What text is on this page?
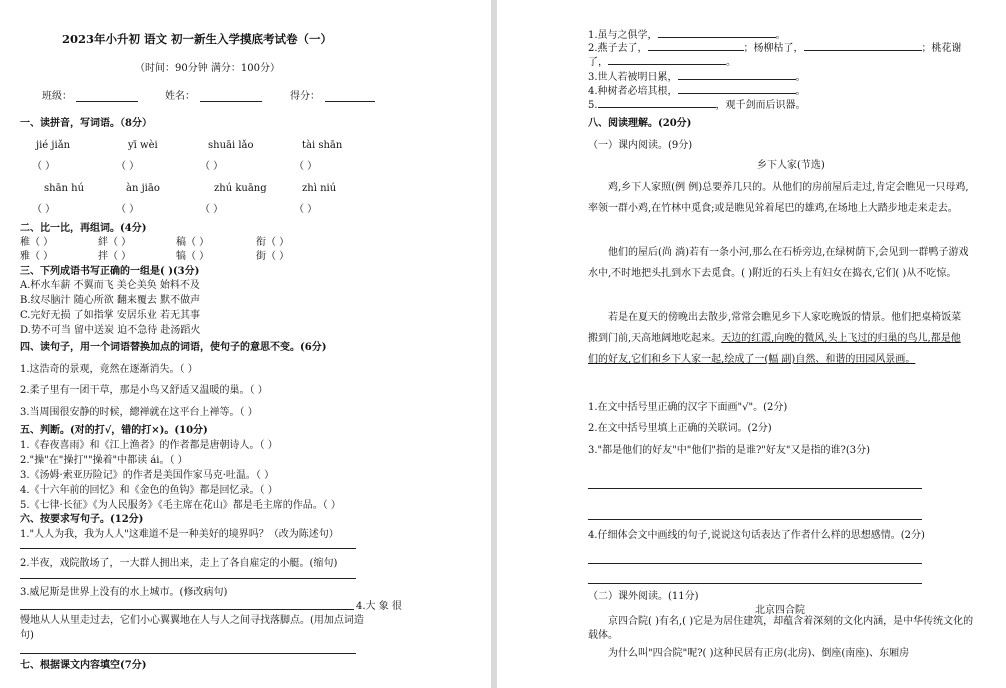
2023年小升初 语文 初一新生入学摸底考试卷（一）
（时间：90分钟 满分：100分）
班级：	姓名：	得分：
一、读拼音，写词语。（8分）
jié jiǎn	yī wèi	shuāi lǎo	tài shān
（ ）	（ ）	（ ）	（ ）
shān hú	àn jiāo	zhú kuāng	zhì niú
（ ）	（ ）	（ ）	（ ）
二、比一比，再组词。(4分)
稚（ ）	絆（ ）	稿（ ）	衔（ ）
雅（ ）	拌（ ）	犒（ ）	街（ ）
三、下列成语书写正确的一组是( )(3分)
A.杯水车薪 不翼而飞 美仑美奂 始料不及
B.纹尽脑汁 随心所欲 翻来覆去 默不做声
C.完好无损 了如指掌 安居乐业 若无其事
D.势不可当 留中送炭 迫不急待 赴汤蹈火
四、读句子，用一个词语替换加点的词语，使句子的意思不变。(6分)
1.这浩奇的景观，竟然在逐渐消失。（ ）
2.柔子里有一团干草，那是小鸟又舒适又温暖的巢。（ ）
3.当周围很安静的时候，總禅就在这平台上禅等。（ ）
五、判断。(对的打√，错的打×)。(10分)
1.《春夜喜雨》和《江上渔者》的作者都是唐朝诗人。（ ）
2."操"在"操打""操着"中都读 ái。（ ）
3.《汤姆·索亚历险记》的作者是美国作家马克·吐温。（ ）
4.《十六年前的回忆》和《金色的鱼钩》都是回忆录。（ ）
5.《七律·长征》《为人民服务》《毛主席在花山》都是毛主席的作品。（ ）
六、按要求写句子。(12分)
1."人人为我，我为人人"这难道不是一种美好的境界吗？（改为陈述句）
2.半夜，戏院散场了，一大群人拥出来，走上了各自雇定的小艇。(缩句)
3.威尼斯是世界上没有的水上城市。(修改病句)
4.大 象 很
慢地从人从里走过去，它们小心翼翼地在人与人之间寻找落脚点。(用加点词造
句)
七、根据课文内容填空(7分)
1.虽与之俱学，	。
2.燕子去了，	；杨柳枯了，	；桃花谢
了，	。
3.世人若被明日累，	。
4.种树者必培其根，	。
5.	，观千剑而后识器。
八、阅读理解。(20分)
（一）课内阅读。(9分)
乡下人家(节选)
鸡,乡下人家照(例 例)总要养几只的。从他们的房前屋后走过,肯定会瞧见一只母鸡,率领一群小鸡,在竹林中觅食;或是瞧见耸着尾巴的雄鸡,在场地上大踏步地走来走去。
他们的屋后(尚 淌)若有一条小河,那么在石桥旁边,在绿树荫下,会见到一群鸭子游戏水中,不时地把头扎到水下去觅食。( )附近的石头上有妇女在捣衣,它们( )从不吃惊。
若是在夏天的傍晚出去散步,常常会瞧见乡下人家吃晚饭的情景。他们把桌椅饭菜搬到门前,天高地阔地吃起来。天边的红霞,向晚的微风,头上飞过的归巢的鸟儿,都是他们的好友,它们和乡下人家一起,绘成了一(幅 副)自然、和谐的田园风景画。
1.在文中括号里正确的汉字下面画"√"。(2分)
2.在文中括号里填上正确的关联词。(2分)
3."都是他们的好友"中"他们"指的是谁?"好友"又是指的谁?(3分)
4.仔细体会文中画线的句子,说说这句话表达了作者什么样的思想感情。(2分)
（二）课外阅读。(11分)
北京四合院
京四合院( )有名,( )它是为居住建筑，却蕴含着深刻的文化内涵，是中华传统文化的载体。
为什么叫"四合院"呢?( )这种民居有正房(北房)、倒座(南座)、东厢房
